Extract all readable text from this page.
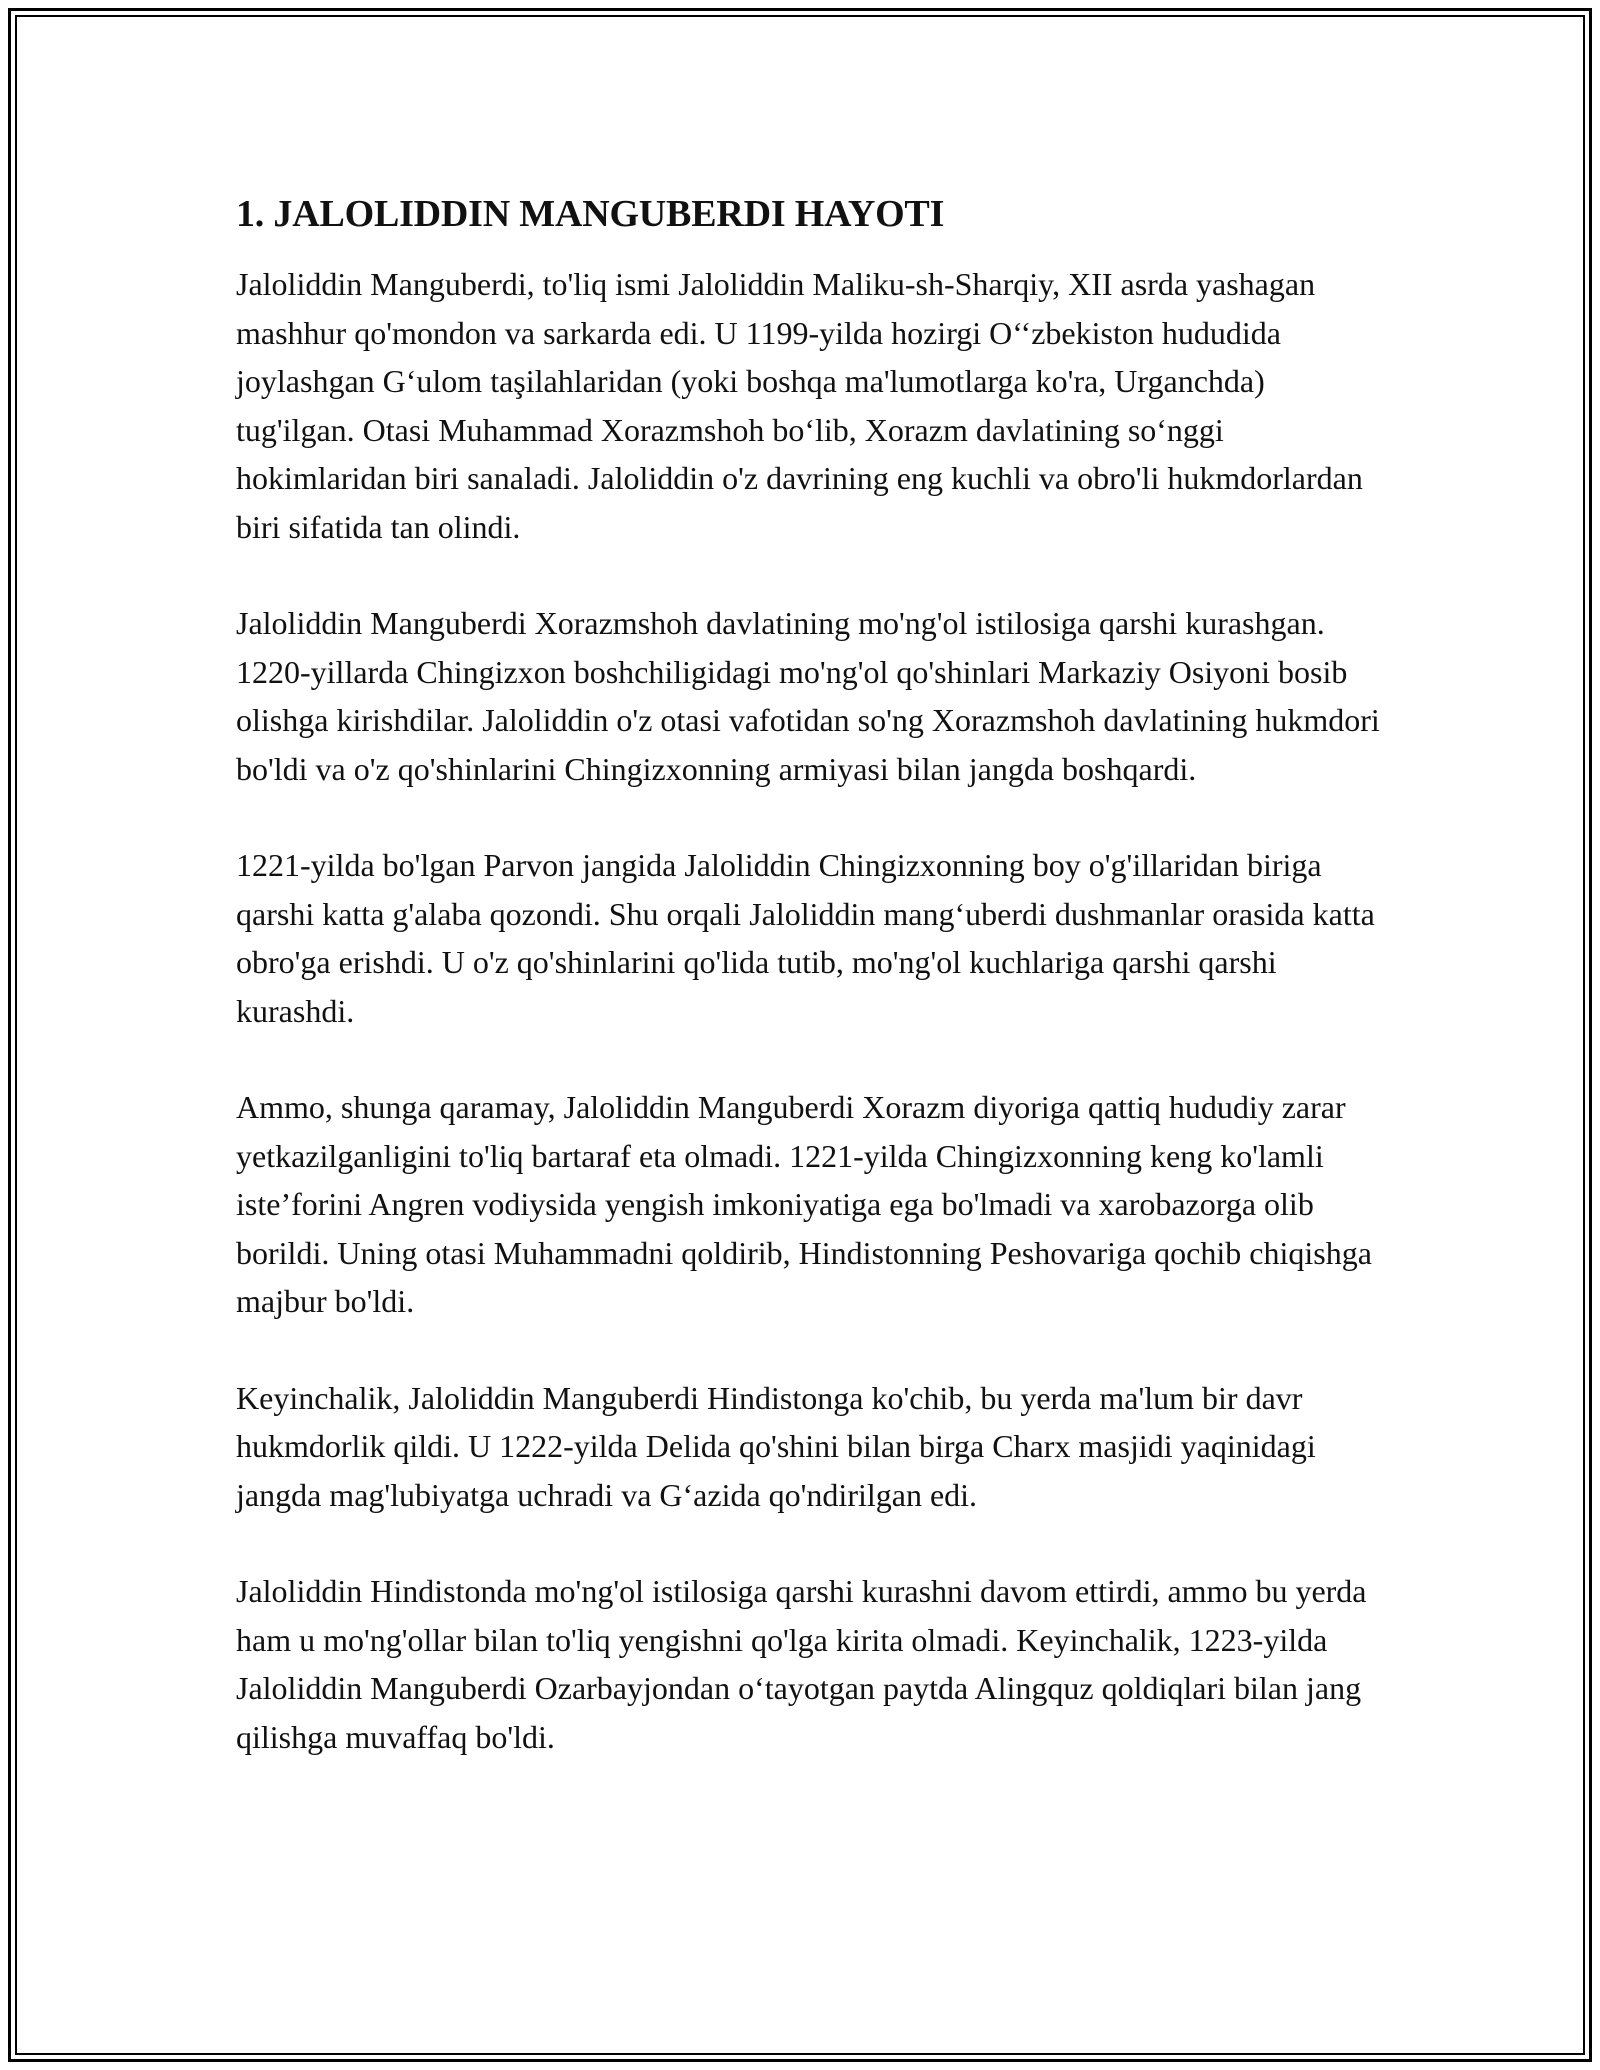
1. JALOLIDDIN MANGUBERDI HAYOTI

Jaloliddin Manguberdi, to'liq ismi Jaloliddin Maliku-sh-Sharqiy, XII asrda yashagan mashhur qo'mondon va sarkarda edi. U 1199-yilda hozirgi O‘‘zbekiston hududida joylashgan G‘ulom taşilahlaridan (yoki boshqa ma'lumotlarga ko'ra, Urganchda) tug'ilgan. Otasi Muhammad Xorazmshoh bo‘lib, Xorazm davlatining so‘nggi hokimlaridan biri sanaladi. Jaloliddin o'z davrining eng kuchli va obro'li hukmdorlardan biri sifatida tan olindi.

Jaloliddin Manguberdi Xorazmshoh davlatining mo'ng'ol istilosiga qarshi kurashgan. 1220-yillarda Chingizxon boshchiligidagi mo'ng'ol qo'shinlari Markaziy Osiyoni bosib olishga kirishdilar. Jaloliddin o'z otasi vafotidan so'ng Xorazmshoh davlatining hukmdori bo'ldi va o'z qo'shinlarini Chingizxonning armiyasi bilan jangda boshqardi.

1221-yilda bo'lgan Parvon jangida Jaloliddin Chingizxonning boy o'g'illaridan biriga qarshi katta g'alaba qozondi. Shu orqali Jaloliddin mang‘uberdi dushmanlar orasida katta obro'ga erishdi. U o'z qo'shinlarini qo'lida tutib, mo'ng'ol kuchlariga qarshi qarshi kurashdi.

Ammo, shunga qaramay, Jaloliddin Manguberdi Xorazm diyoriga qattiq hududiy zarar yetkazilganligini to'liq bartaraf eta olmadi. 1221-yilda Chingizxonning keng ko'lamli iste’forini Angren vodiysida yengish imkoniyatiga ega bo'lmadi va xarobazorga olib borildi. Uning otasi Muhammadni qoldirib, Hindistonning Peshovariga qochib chiqishga majbur bo'ldi.

Keyinchalik, Jaloliddin Manguberdi Hindistonga ko'chib, bu yerda ma'lum bir davr hukmdorlik qildi. U 1222-yilda Delida qo'shini bilan birga Charx masjidi yaqinidagi jangda mag'lubiyatga uchradi va G‘azida qo'ndirilgan edi.

Jaloliddin Hindistonda mo'ng'ol istilosiga qarshi kurashni davom ettirdi, ammo bu yerda ham u mo'ng'ollar bilan to'liq yengishni qo'lga kirita olmadi. Keyinchalik, 1223-yilda Jaloliddin Manguberdi Ozarbayjondan o‘tayotgan paytda Alingquz qoldiqlari bilan jang qilishga muvaffaq bo'ldi.
